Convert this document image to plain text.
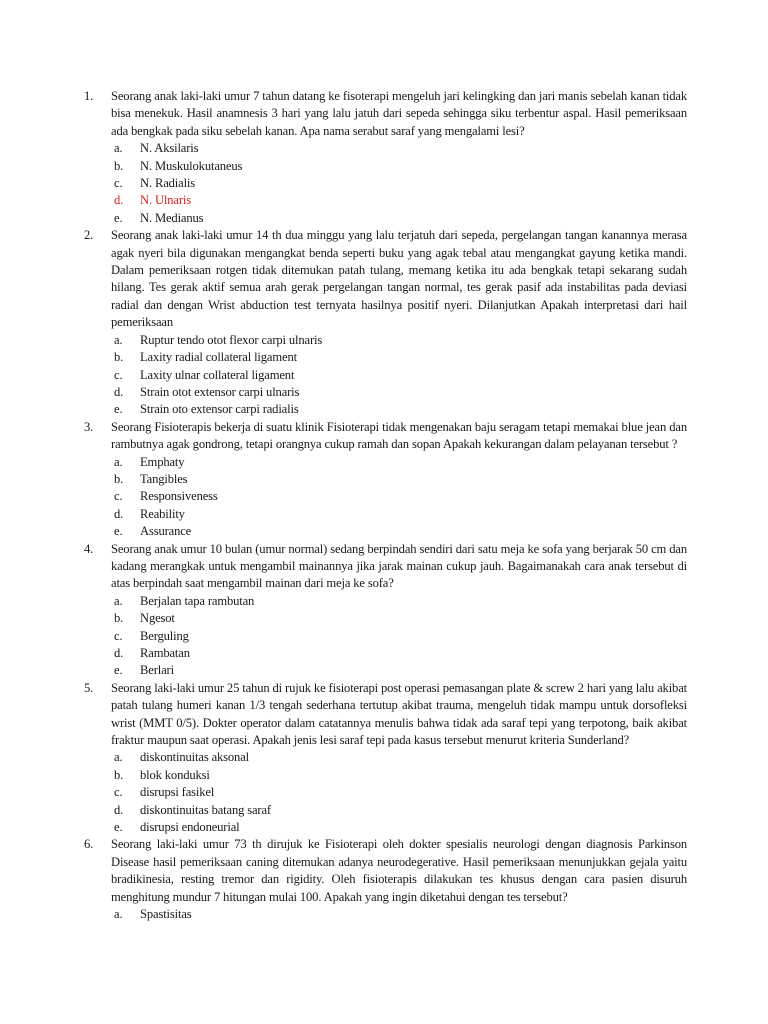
1.	Seorang anak laki-laki umur 7 tahun datang ke fisoterapi mengeluh jari kelingking dan jari manis sebelah kanan tidak bisa menekuk. Hasil anamnesis 3 hari yang lalu jatuh dari sepeda sehingga siku terbentur aspal. Hasil pemeriksaan ada bengkak pada siku sebelah kanan. Apa nama serabut saraf yang mengalami lesi?
a.	N. Aksilaris
b.	N. Muskulokutaneus
c.	N. Radialis
d.	N. Ulnaris
e.	N. Medianus
2.	Seorang anak laki-laki umur 14 th dua minggu yang lalu terjatuh dari sepeda, pergelangan tangan kanannya merasa agak nyeri bila digunakan mengangkat benda seperti buku yang agak tebal atau mengangkat gayung ketika mandi. Dalam pemeriksaan rotgen tidak ditemukan patah tulang, memang ketika itu ada bengkak tetapi sekarang sudah hilang. Tes gerak aktif semua arah gerak pergelangan tangan normal, tes gerak pasif ada instabilitas pada deviasi radial dan dengan Wrist abduction test ternyata hasilnya positif nyeri. Dilanjutkan Apakah interpretasi dari hail pemeriksaan
a.	Ruptur tendo otot flexor carpi ulnaris
b.	Laxity radial collateral ligament
c.	Laxity ulnar collateral ligament
d.	Strain otot extensor carpi ulnaris
e.	Strain oto extensor carpi radialis
3.	Seorang Fisioterapis bekerja di suatu klinik Fisioterapi tidak mengenakan baju seragam tetapi memakai blue jean dan rambutnya agak gondrong, tetapi orangnya cukup ramah dan sopan Apakah kekurangan dalam pelayanan tersebut ?
a.	Emphaty
b.	Tangibles
c.	Responsiveness
d.	Reability
e.	Assurance
4.	Seorang anak umur 10 bulan (umur normal) sedang berpindah sendiri dari satu meja ke sofa yang berjarak 50 cm dan kadang merangkak untuk mengambil mainannya jika jarak mainan cukup jauh. Bagaimanakah cara anak tersebut di atas berpindah saat mengambil mainan dari meja ke sofa?
a.	Berjalan tapa rambutan
b.	Ngesot
c.	Berguling
d.	Rambatan
e.	Berlari
5.	Seorang laki-laki umur 25 tahun di rujuk ke fisioterapi post operasi pemasangan plate & screw 2 hari yang lalu akibat patah tulang humeri kanan 1/3 tengah sederhana tertutup akibat trauma, mengeluh tidak mampu untuk dorsofleksi wrist (MMT 0/5). Dokter operator dalam catatannya menulis bahwa tidak ada saraf tepi yang terpotong, baik akibat fraktur maupun saat operasi. Apakah jenis lesi saraf tepi pada kasus tersebut menurut kriteria Sunderland?
a.	diskontinuitas aksonal
b.	blok konduksi
c.	disrupsi fasikel
d.	diskontinuitas batang saraf
e.	disrupsi endoneurial
6.	Seorang laki-laki umur 73 th dirujuk ke Fisioterapi oleh dokter spesialis neurologi dengan diagnosis Parkinson Disease hasil pemeriksaan caning ditemukan adanya neurodegerative. Hasil pemeriksaan menunjukkan gejala yaitu bradikinesia, resting tremor dan rigidity. Oleh fisioterapis dilakukan tes khusus dengan cara pasien disuruh menghitung mundur 7 hitungan mulai 100. Apakah yang ingin diketahui dengan tes tersebut?
a.	Spastisitas
